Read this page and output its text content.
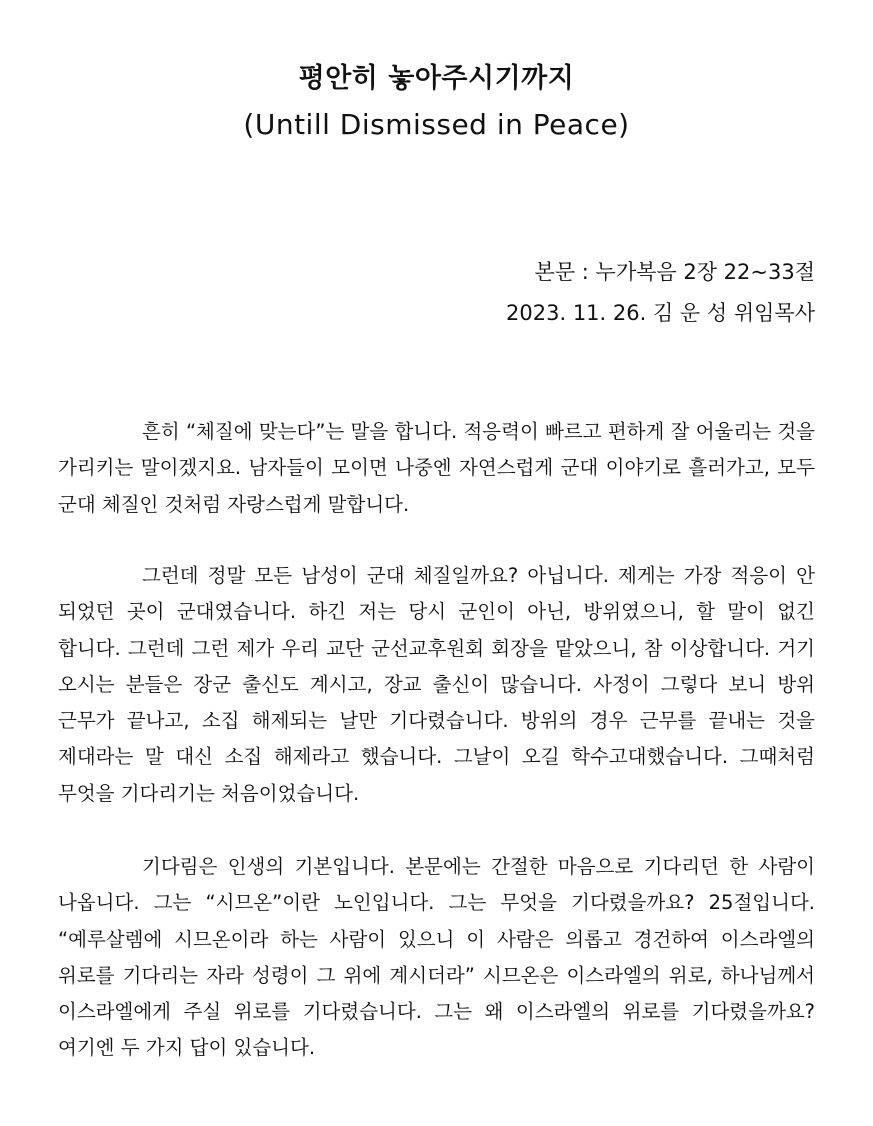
평안히 놓아주시기까지
(Untill Dismissed in Peace)
본문 : 누가복음 2장 22~33절
2023. 11. 26. 김 운 성 위임목사

흔히 “체질에 맞는다”는 말을 합니다. 적응력이 빠르고 편하게 잘 어울리는 것을 가리키는 말이겠지요. 남자들이 모이면 나중엔 자연스럽게 군대 이야기로 흘러가고, 모두 군대 체질인 것처럼 자랑스럽게 말합니다.

그런데 정말 모든 남성이 군대 체질일까요? 아닙니다. 제게는 가장 적응이 안 되었던 곳이 군대였습니다. 하긴 저는 당시 군인이 아닌, 방위였으니, 할 말이 없긴 합니다. 그런데 그런 제가 우리 교단 군선교후원회 회장을 맡았으니, 참 이상합니다. 거기 오시는 분들은 장군 출신도 계시고, 장교 출신이 많습니다. 사정이 그렇다 보니 방위 근무가 끝나고, 소집 해제되는 날만 기다렸습니다. 방위의 경우 근무를 끝내는 것을 제대라는 말 대신 소집 해제라고 했습니다. 그날이 오길 학수고대했습니다. 그때처럼 무엇을 기다리기는 처음이었습니다.

기다림은 인생의 기본입니다. 본문에는 간절한 마음으로 기다리던 한 사람이 나옵니다. 그는 “시므온”이란 노인입니다. 그는 무엇을 기다렸을까요? 25절입니다. “예루살렘에 시므온이라 하는 사람이 있으니 이 사람은 의롭고 경건하여 이스라엘의 위로를 기다리는 자라 성령이 그 위에 계시더라” 시므온은 이스라엘의 위로, 하나님께서 이스라엘에게 주실 위로를 기다렸습니다. 그는 왜 이스라엘의 위로를 기다렸을까요? 여기엔 두 가지 답이 있습니다.
